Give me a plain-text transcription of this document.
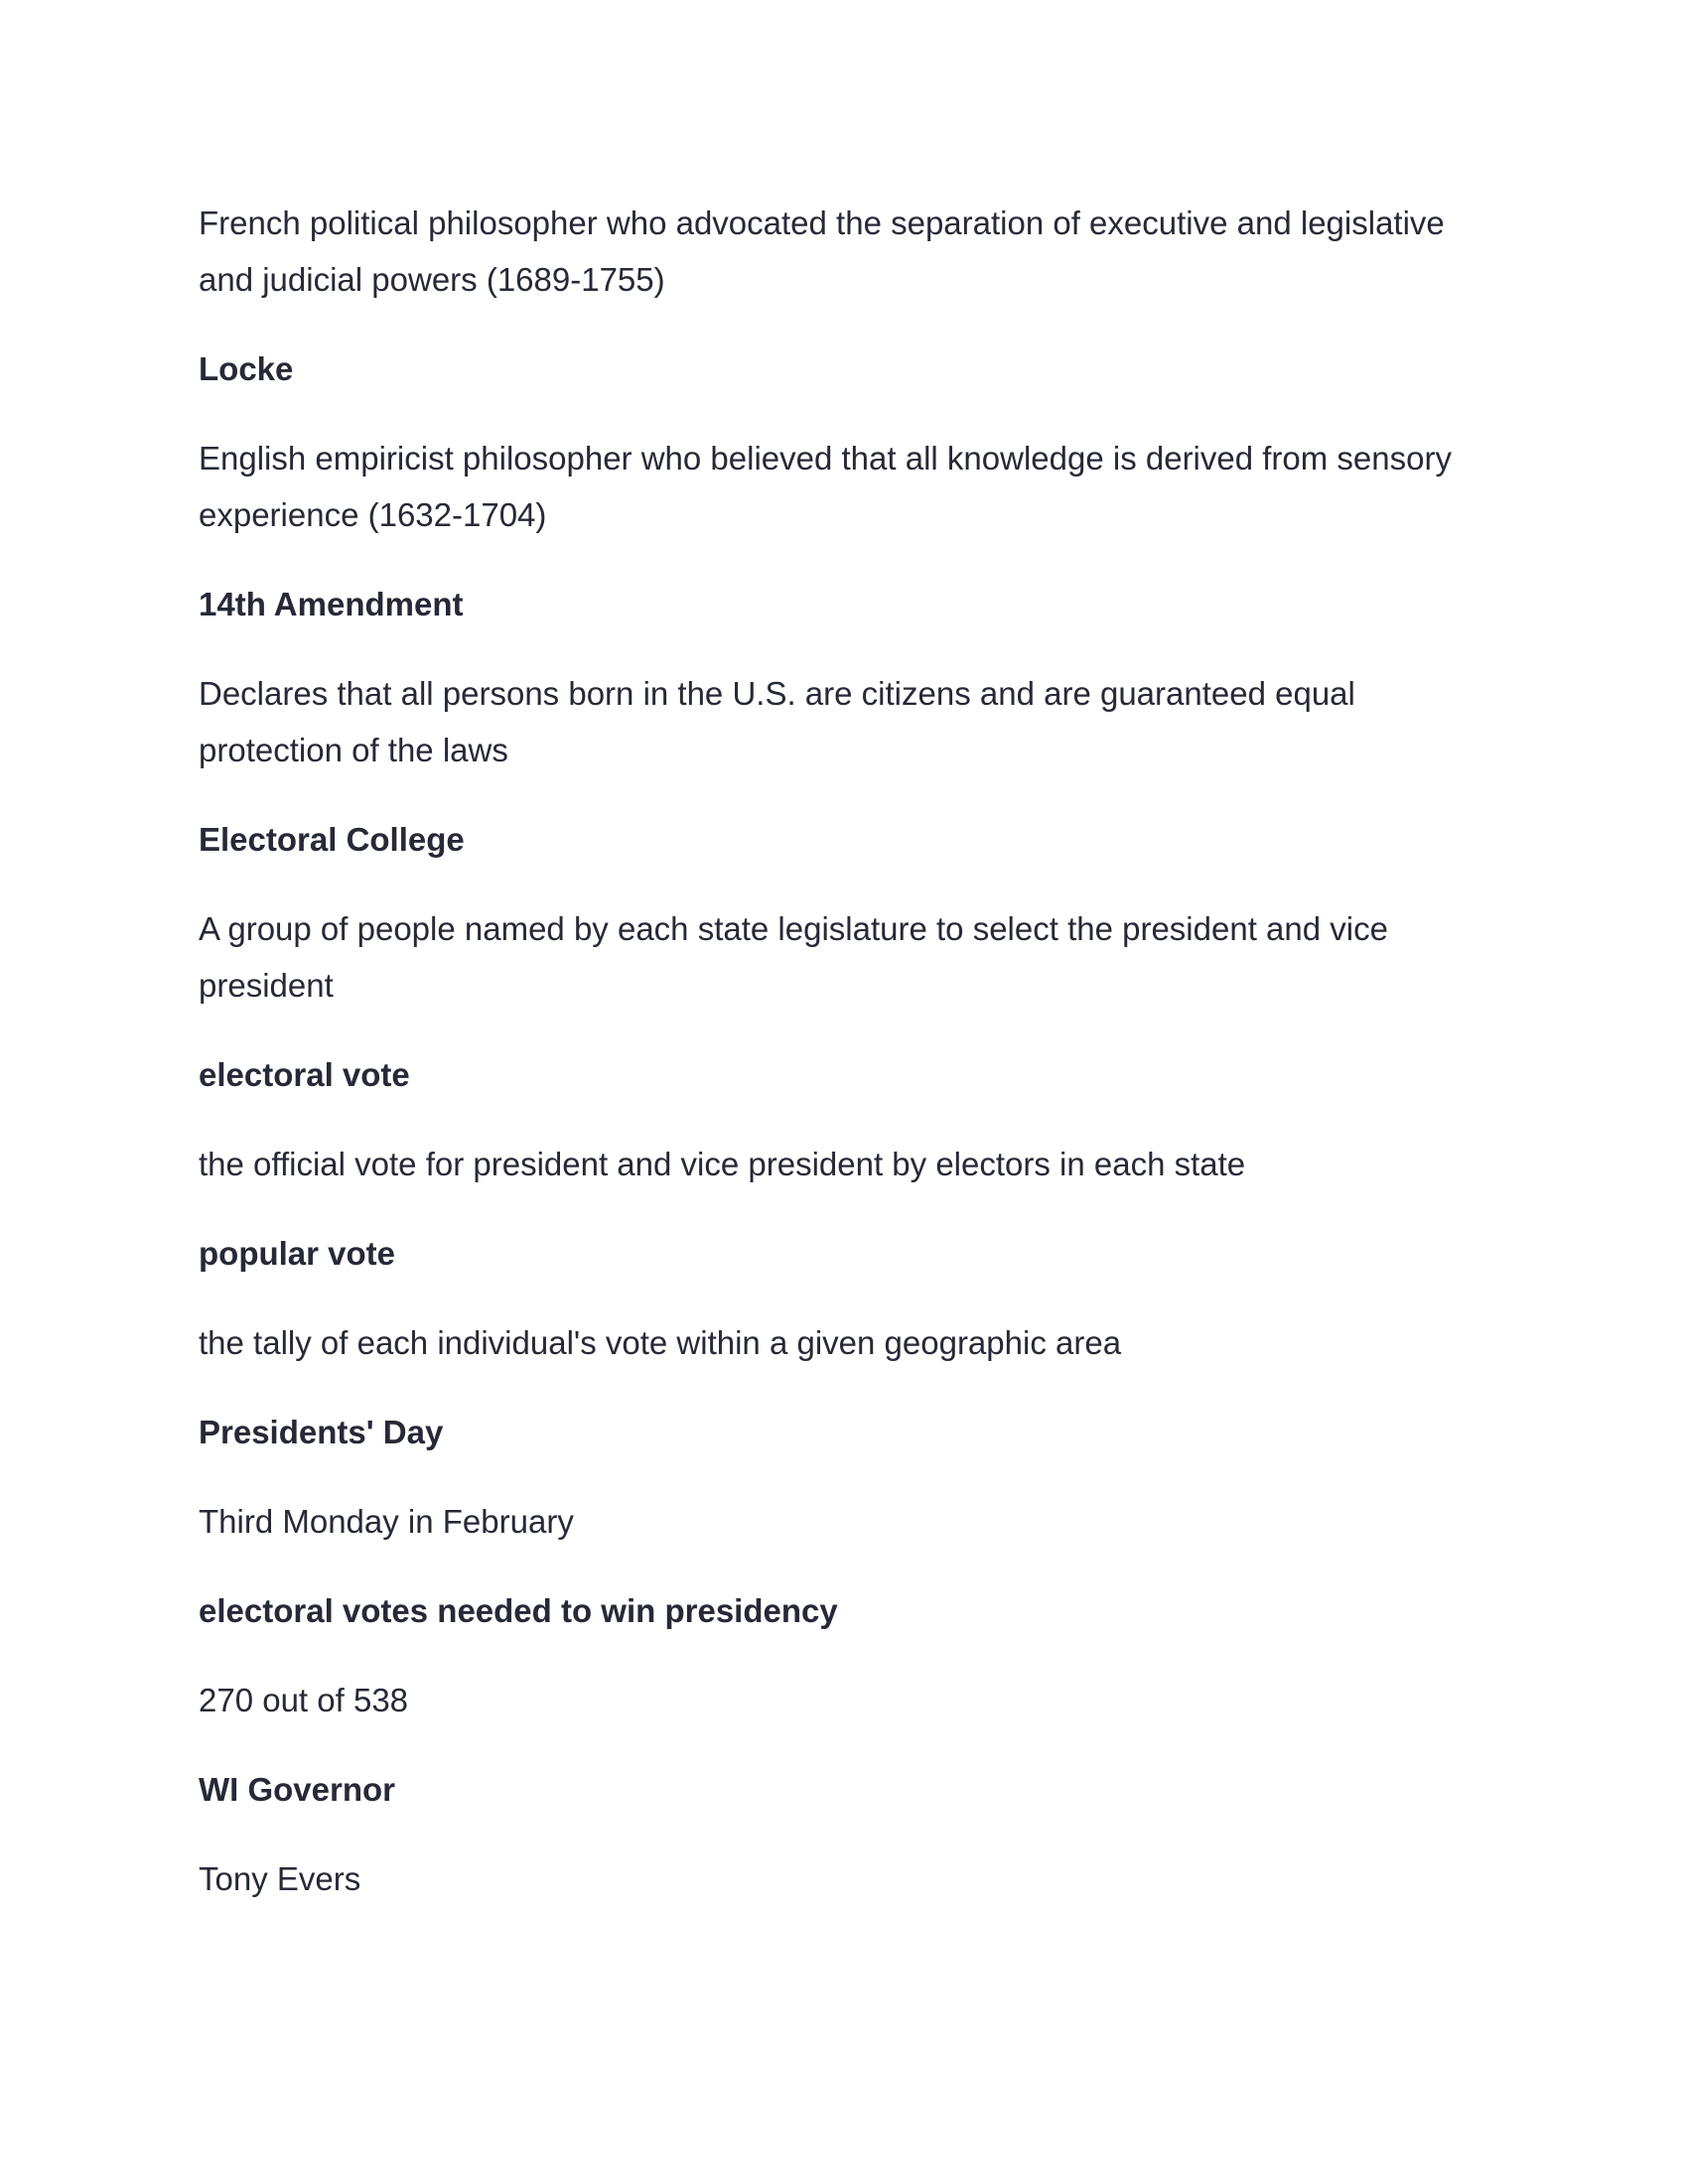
French political philosopher who advocated the separation of executive and legislative and judicial powers (1689-1755)

Locke

English empiricist philosopher who believed that all knowledge is derived from sensory experience (1632-1704)

14th Amendment

Declares that all persons born in the U.S. are citizens and are guaranteed equal protection of the laws

Electoral College

A group of people named by each state legislature to select the president and vice president

electoral vote

the official vote for president and vice president by electors in each state

popular vote

the tally of each individual's vote within a given geographic area

Presidents' Day

Third Monday in February

electoral votes needed to win presidency

270 out of 538

WI Governor

Tony Evers
